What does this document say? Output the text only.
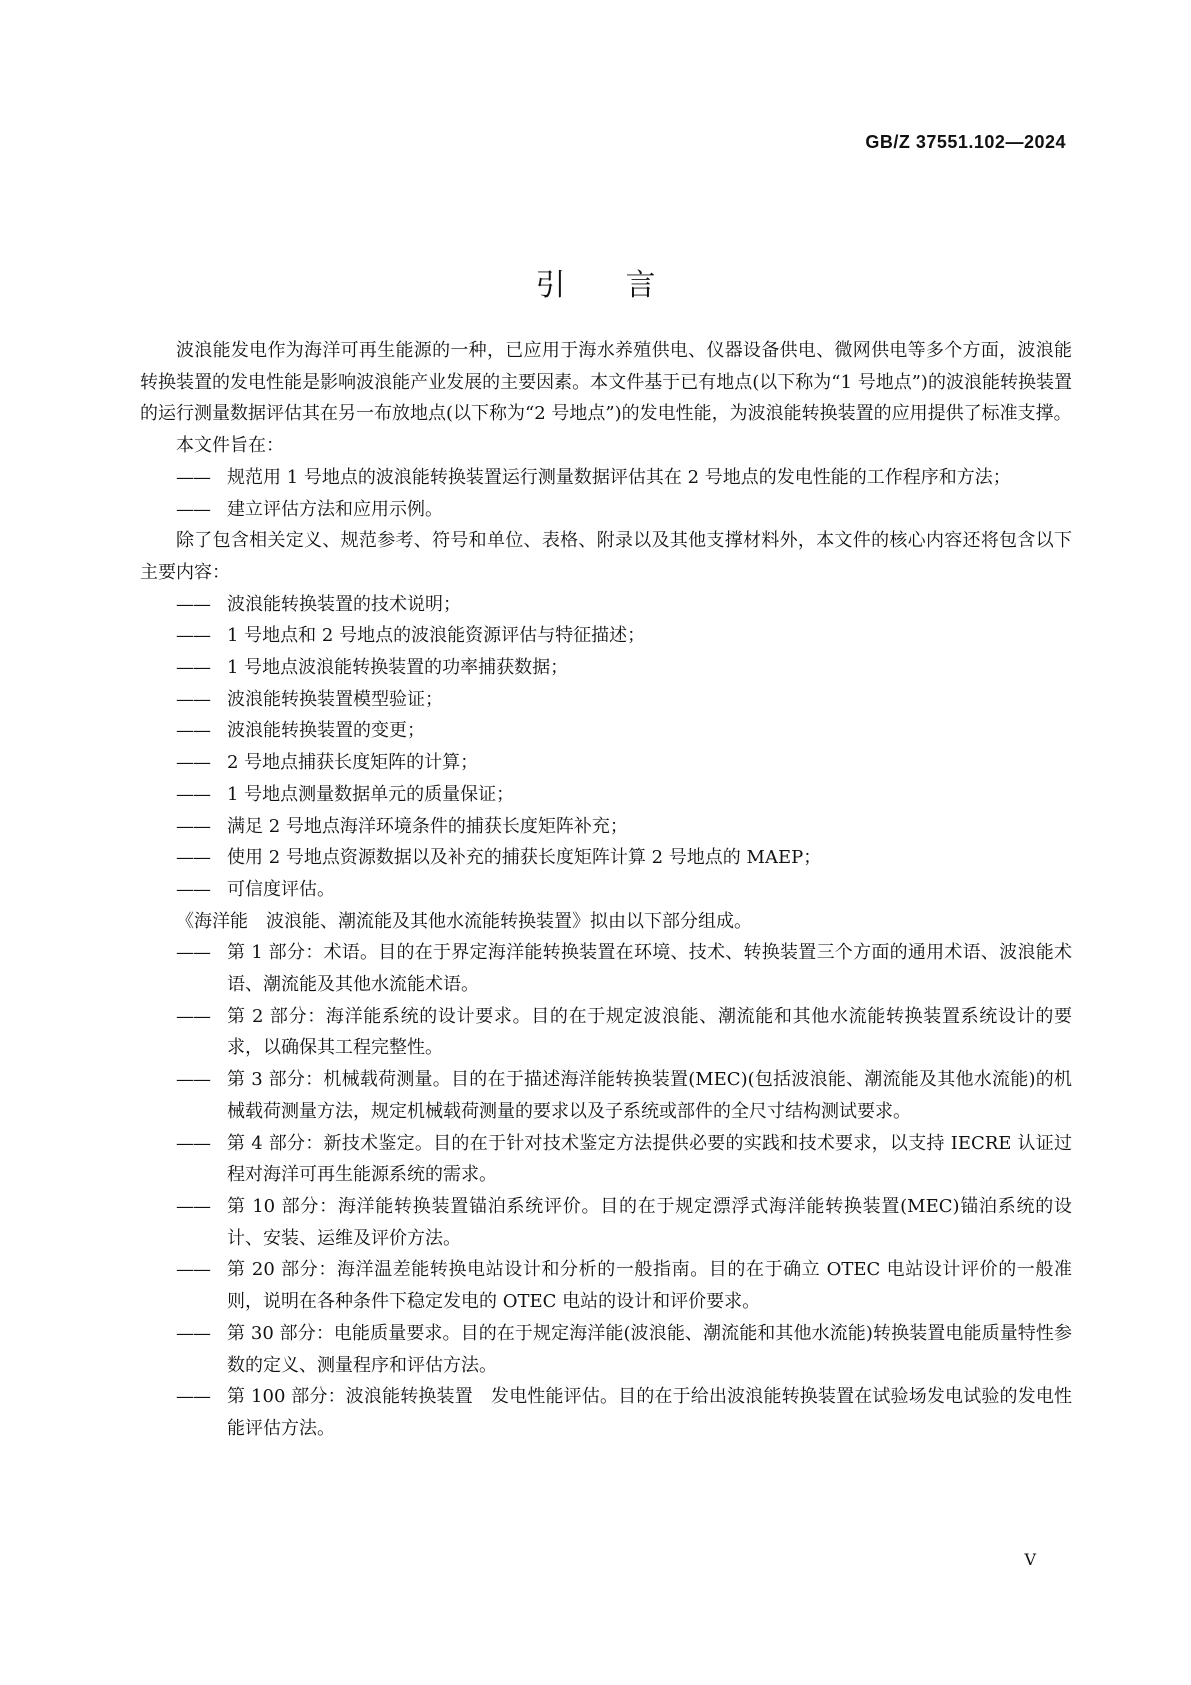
GB/Z 37551.102—2024
引言

波浪能发电作为海洋可再生能源的一种，已应用于海水养殖供电、仪器设备供电、微网供电等多个方面，波浪能转换装置的发电性能是影响波浪能产业发展的主要因素。本文件基于已有地点(以下称为“1 号地点”)的波浪能转换装置的运行测量数据评估其在另一布放地点(以下称为“2 号地点”)的发电性能，为波浪能转换装置的应用提供了标准支撑。

本文件旨在：

—— 规范用 1 号地点的波浪能转换装置运行测量数据评估其在 2 号地点的发电性能的工作程序和方法；

—— 建立评估方法和应用示例。

除了包含相关定义、规范参考、符号和单位、表格、附录以及其他支撑材料外，本文件的核心内容还将包含以下主要内容：

—— 波浪能转换装置的技术说明；

—— 1 号地点和 2 号地点的波浪能资源评估与特征描述；

—— 1 号地点波浪能转换装置的功率捕获数据；

—— 波浪能转换装置模型验证；

—— 波浪能转换装置的变更；

—— 2 号地点捕获长度矩阵的计算；

—— 1 号地点测量数据单元的质量保证；

—— 满足 2 号地点海洋环境条件的捕获长度矩阵补充；

—— 使用 2 号地点资源数据以及补充的捕获长度矩阵计算 2 号地点的 MAEP；

—— 可信度评估。

《海洋能　波浪能、潮流能及其他水流能转换装置》拟由以下部分组成。

—— 第 1 部分：术语。目的在于界定海洋能转换装置在环境、技术、转换装置三个方面的通用术语、波浪能术语、潮流能及其他水流能术语。

—— 第 2 部分：海洋能系统的设计要求。目的在于规定波浪能、潮流能和其他水流能转换装置系统设计的要求，以确保其工程完整性。

—— 第 3 部分：机械载荷测量。目的在于描述海洋能转换装置(MEC)(包括波浪能、潮流能及其他水流能)的机械载荷测量方法，规定机械载荷测量的要求以及子系统或部件的全尺寸结构测试要求。

—— 第 4 部分：新技术鉴定。目的在于针对技术鉴定方法提供必要的实践和技术要求，以支持 IECRE 认证过程对海洋可再生能源系统的需求。

—— 第 10 部分：海洋能转换装置锚泊系统评价。目的在于规定漂浮式海洋能转换装置(MEC)锚泊系统的设计、安装、运维及评价方法。

—— 第 20 部分：海洋温差能转换电站设计和分析的一般指南。目的在于确立 OTEC 电站设计评价的一般准则，说明在各种条件下稳定发电的 OTEC 电站的设计和评价要求。

—— 第 30 部分：电能质量要求。目的在于规定海洋能(波浪能、潮流能和其他水流能)转换装置电能质量特性参数的定义、测量程序和评估方法。

—— 第 100 部分：波浪能转换装置　发电性能评估。目的在于给出波浪能转换装置在试验场发电试验的发电性能评估方法。

V
